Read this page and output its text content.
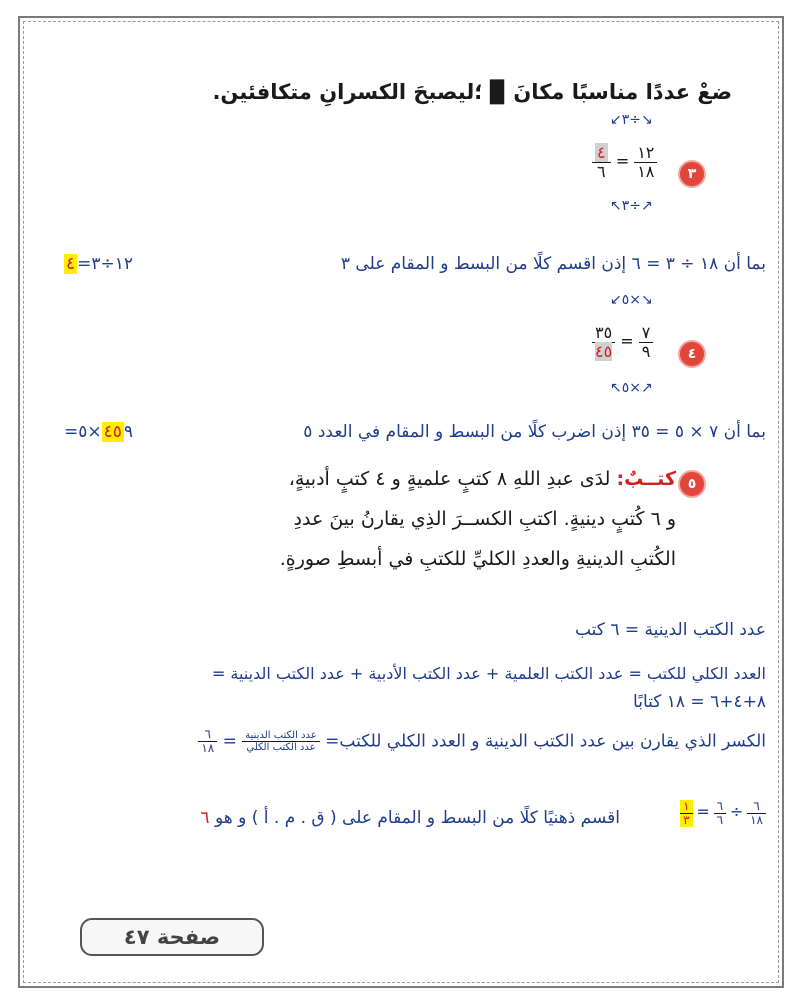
ضعْ عددًا مناسبًا مكانَ ▉ ؛ليصبحَ الكسرانِ متكافئين.
٣
↙٣÷↘
$\frac{٤}{٦} = \frac{١٢}{١٨}$
↖٣÷↗
بما أن ١٨ ÷ ٣ = ٦ إذن اقسم كلًا من البسط و المقام على ٣
١٢÷٣=٤
٤
↙٥×↘
$\frac{٣٥}{٤٥} = \frac{٧}{٩}$
↖٥×↗
بما أن ٧ × ٥ = ٣٥ إذن اضرب كلًا من البسط و المقام في العدد ٥
٤٥٩×٥=
٥
كتــبٌ: لدَى عبدِ اللهِ ٨ كتبٍ علميةٍ و ٤ كتبٍ أدبيةٍ،
و ٦ كُتبٍ دينيةٍ. اكتبِ الكســرَ الذِي يقارنُ بينَ عددِ
الكُتبِ الدينيةِ والعددِ الكليِّ للكتبِ في أبسطِ صورةٍ.
عدد الكتب الدينية = ٦ كتب
العدد الكلي للكتب = عدد الكتب العلمية + عدد الكتب الأدبية + عدد الكتب الدينية =
٨+٤+٦ = ١٨ كتابًا
الكسر الذي يقارن بين عدد الكتب الدينية و العدد الكلي للكتب=
$\frac{\text{عدد الكتب الدينية}}{\text{عدد الكتب الكلي}}$
=
$\frac{٦}{١٨}$
$\frac{١}{٣} = \frac{٦}{٦} \div \frac{٦}{١٨}$
اقسم ذهنيًا كلًا من البسط و المقام على ( ق . م . أ ) و هو ٦
صفحة ٤٧
